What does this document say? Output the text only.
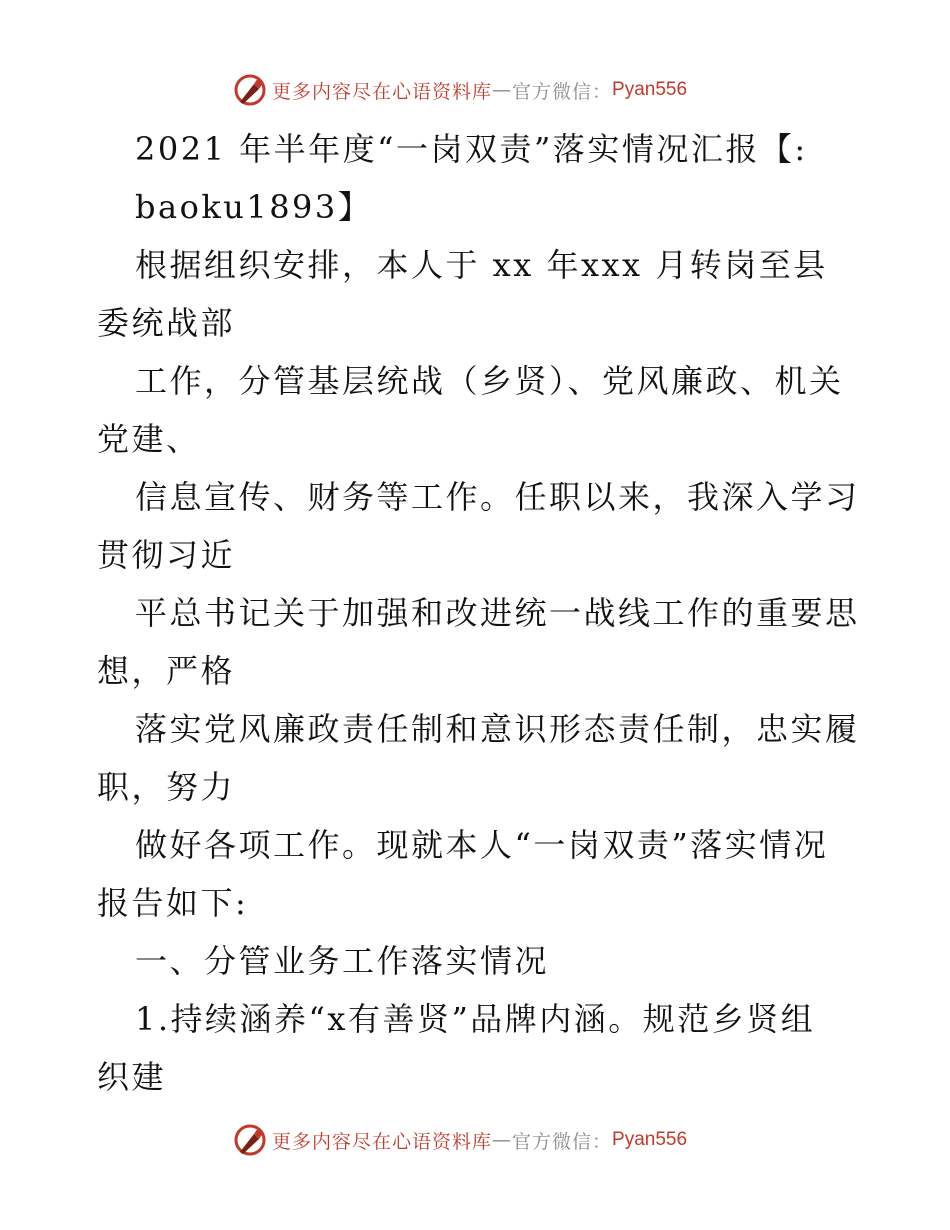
更多内容尽在心语资料库 — 官方微信： Pyan556

2021 年半年度“一岗双责”落实情况汇报【:
baoku1893】

根据组织安排，本人于 xx 年xxx 月转岗至县
委统战部

工作，分管基层统战（乡贤）、党风廉政、机关
党建、

信息宣传、财务等工作。任职以来，我深入学习
贯彻习近

平总书记关于加强和改进统一战线工作的重要思
想，严格

落实党风廉政责任制和意识形态责任制，忠实履
职，努力

做好各项工作。现就本人“一岗双责”落实情况
报告如下:

一、分管业务工作落实情况

1.持续涵养“x有善贤”品牌内涵。规范乡贤组
织建

更多内容尽在心语资料库 — 官方微信： Pyan556
